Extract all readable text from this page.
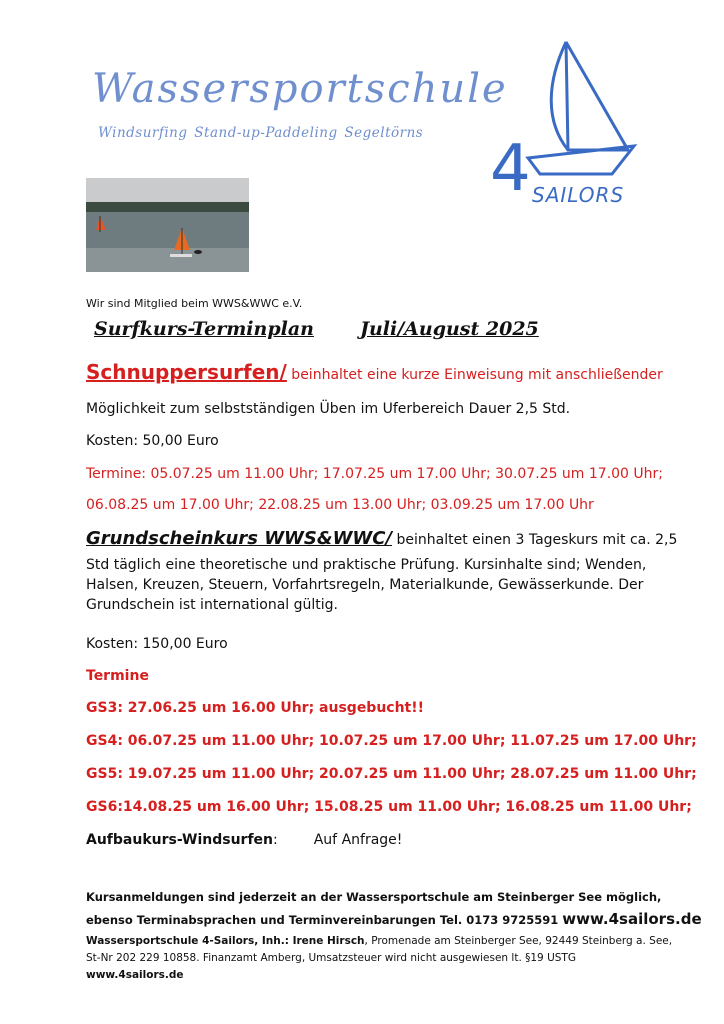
Wassersportschule
Windsurfing Stand-up-Paddeling Segeltörns 4 SAILORS
Wir sind Mitglied beim WWS&WWC e.V.
Surfkurs-Terminplan Juli/August 2025
Schnuppersurfen/ beinhaltet eine kurze Einweisung mit anschließender
Möglichkeit zum selbstständigen Üben im Uferbereich Dauer 2,5 Std.
Kosten: 50,00 Euro
Termine: 05.07.25 um 11.00 Uhr; 17.07.25 um 17.00 Uhr; 30.07.25 um 17.00 Uhr;
06.08.25 um 17.00 Uhr; 22.08.25 um 13.00 Uhr; 03.09.25 um 17.00 Uhr
Grundscheinkurs WWS&WWC/ beinhaltet einen 3 Tageskurs mit ca. 2,5
Std täglich eine theoretische und praktische Prüfung. Kursinhalte sind; Wenden,
Halsen, Kreuzen, Steuern, Vorfahrtsregeln, Materialkunde, Gewässerkunde. Der
Grundschein ist international gültig.
Kosten: 150,00 Euro
Termine
GS3: 27.06.25 um 16.00 Uhr; ausgebucht!!
GS4: 06.07.25 um 11.00 Uhr; 10.07.25 um 17.00 Uhr; 11.07.25 um 17.00 Uhr;
GS5: 19.07.25 um 11.00 Uhr; 20.07.25 um 11.00 Uhr; 28.07.25 um 11.00 Uhr;
GS6:14.08.25 um 16.00 Uhr; 15.08.25 um 11.00 Uhr; 16.08.25 um 11.00 Uhr;
Aufbaukurs-Windsurfen:	Auf Anfrage!
Kursanmeldungen sind jederzeit an der Wassersportschule am Steinberger See möglich,
ebenso Terminabsprachen und Terminvereinbarungen Tel. 0173 9725591 www.4sailors.de
Wassersportschule 4-Sailors, Inh.: Irene Hirsch, Promenade am Steinberger See, 92449 Steinberg a. See,
St-Nr 202 229 10858. Finanzamt Amberg, Umsatzsteuer wird nicht ausgewiesen lt. §19 USTG
www.4sailors.de
